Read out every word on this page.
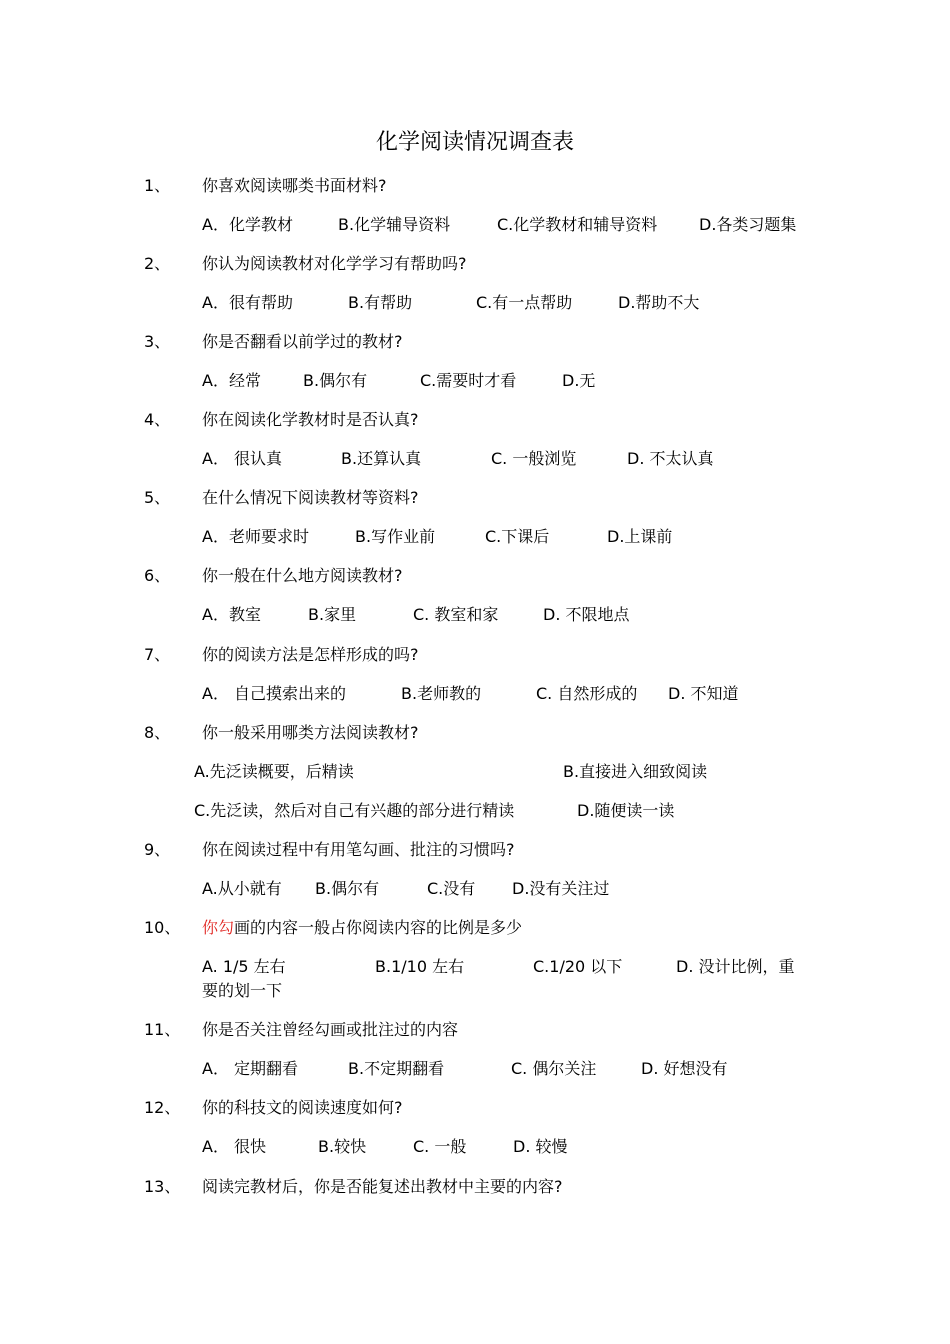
化学阅读情况调查表
1、 你喜欢阅读哪类书面材料?
A．化学教材	B.化学辅导资料	C.化学教材和辅导资料	D.各类习题集
2、 你认为阅读教材对化学学习有帮助吗?
A．很有帮助	B.有帮助	C.有一点帮助	D.帮助不大
3、 你是否翻看以前学过的教材?
A．经常	B.偶尔有	C.需要时才看	D.无
4、 你在阅读化学教材时是否认真?
A． 很认真	B.还算认真	C. 一般浏览	D. 不太认真
5、 在什么情况下阅读教材等资料?
A．老师要求时	B.写作业前	C.下课后	D.上课前
6、 你一般在什么地方阅读教材?
A．教室	B.家里	C. 教室和家	D. 不限地点
7、 你的阅读方法是怎样形成的吗?
A． 自己摸索出来的	B.老师教的	C. 自然形成的 D. 不知道
8、 你一般采用哪类方法阅读教材?
A.先泛读概要，后精读	B.直接进入细致阅读
C.先泛读，然后对自己有兴趣的部分进行精读	D.随便读一读
9、 你在阅读过程中有用笔勾画、批注的习惯吗?
A.从小就有 B.偶尔有	C.没有 D.没有关注过
10、 你勾画的内容一般占你阅读内容的比例是多少
A. 1/5 左右	B.1/10 左右	C.1/20 以下	D. 没计比例，重
要的划一下
11、 你是否关注曾经勾画或批注过的内容
A． 定期翻看	B.不定期翻看	C. 偶尔关注	D. 好想没有
12、 你的科技文的阅读速度如何?
A． 很快	B.较快	C. 一般	D. 较慢
13、 阅读完教材后，你是否能复述出教材中主要的内容?
